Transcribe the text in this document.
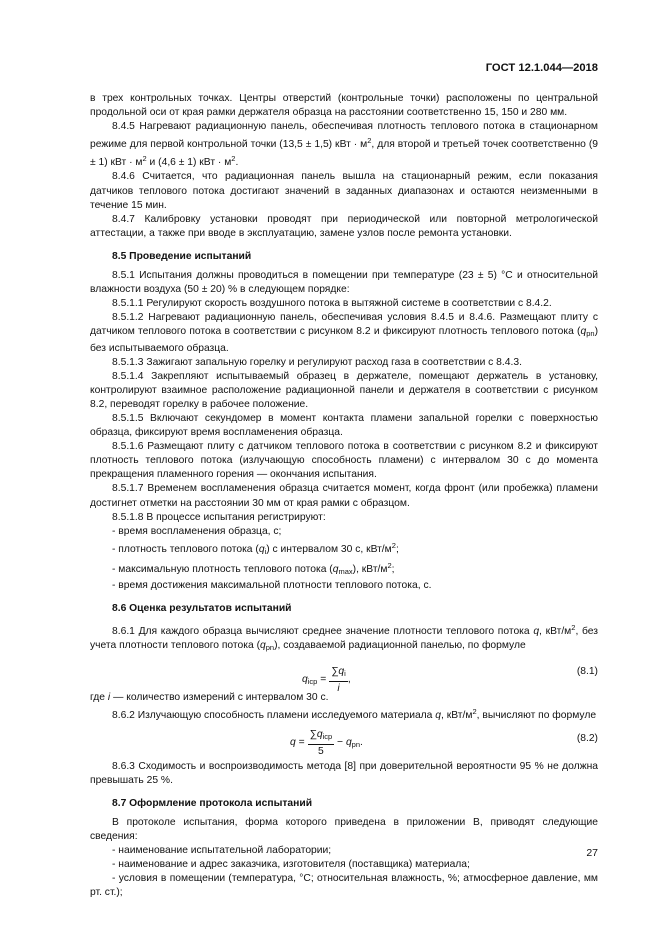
ГОСТ 12.1.044—2018

в трех контрольных точках. Центры отверстий (контрольные точки) расположены по центральной продольной оси от края рамки держателя образца на расстоянии соответственно 15, 150 и 280 мм.

8.4.5 Нагревают радиационную панель, обеспечивая плотность теплового потока в стационарном режиме для первой контрольной точки (13,5 ± 1,5) кВт · $м^2$, для второй и третьей точек соответственно (9 ± 1) кВт · $м^2$ и (4,6 ± 1) кВт · $м^2$.

8.4.6 Считается, что радиационная панель вышла на стационарный режим, если показания датчиков теплового потока достигают значений в заданных диапазонах и остаются неизменными в течение 15 мин.

8.4.7 Калибровку установки проводят при периодической или повторной метрологической аттестации, а также при вводе в эксплуатацию, замене узлов после ремонта установки.

8.5 Проведение испытаний

8.5.1 Испытания должны проводиться в помещении при температуре (23 ± 5) °С и относительной влажности воздуха (50 ± 20) % в следующем порядке:

8.5.1.1 Регулируют скорость воздушного потока в вытяжной системе в соответствии с 8.4.2.

8.5.1.2 Нагревают радиационную панель, обеспечивая условия 8.4.5 и 8.4.6. Размещают плиту с датчиком теплового потока в соответствии с рисунком 8.2 и фиксируют плотность теплового потока $(q_{pn})$ без испытываемого образца.

8.5.1.3 Зажигают запальную горелку и регулируют расход газа в соответствии с 8.4.3.

8.5.1.4 Закрепляют испытываемый образец в держателе, помещают держатель в установку, контролируют взаимное расположение радиационной панели и держателя в соответствии с рисунком 8.2, переводят горелку в рабочее положение.

8.5.1.5 Включают секундомер в момент контакта пламени запальной горелки с поверхностью образца, фиксируют время воспламенения образца.

8.5.1.6 Размещают плиту с датчиком теплового потока в соответствии с рисунком 8.2 и фиксируют плотность теплового потока (излучающую способность пламени) с интервалом 30 с до момента прекращения пламенного горения — окончания испытания.

8.5.1.7 Временем воспламенения образца считается момент, когда фронт (или пробежка) пламени достигнет отметки на расстоянии 30 мм от края рамки с образцом.

8.5.1.8 В процессе испытания регистрируют:

- время воспламенения образца, с;

- плотность теплового потока $(q_i)$ с интервалом 30 с, кВт/$м^2$;

- максимальную плотность теплового потока $(q_{max})$, кВт/$м^2$;

- время достижения максимальной плотности теплового потока, с.

8.6 Оценка результатов испытаний

8.6.1 Для каждого образца вычисляют среднее значение плотности теплового потока q, кВт/$м^2$, без учета плотности теплового потока $(q_{pn})$, создаваемой радиационной панелью, по формуле

$q_{iср} = \frac{\sum q_i}{i}$ ,
(8.1)

где i — количество измерений с интервалом 30 с.

8.6.2 Излучающую способность пламени исследуемого материала q, кВт/$м^2$, вычисляют по формуле

$q = \frac{\sum q_{iср}}{5} - q_{pn}$.	(8.2)

8.6.3 Сходимость и воспроизводимость метода [8] при доверительной вероятности 95 % не должна превышать 25 %.

8.7 Оформление протокола испытаний

В протоколе испытания, форма которого приведена в приложении В, приводят следующие сведения:

- наименование испытательной лаборатории;

- наименование и адрес заказчика, изготовителя (поставщика) материала;

- условия в помещении (температура, °С; относительная влажность, %; атмосферное давление, мм рт. ст.);

27
